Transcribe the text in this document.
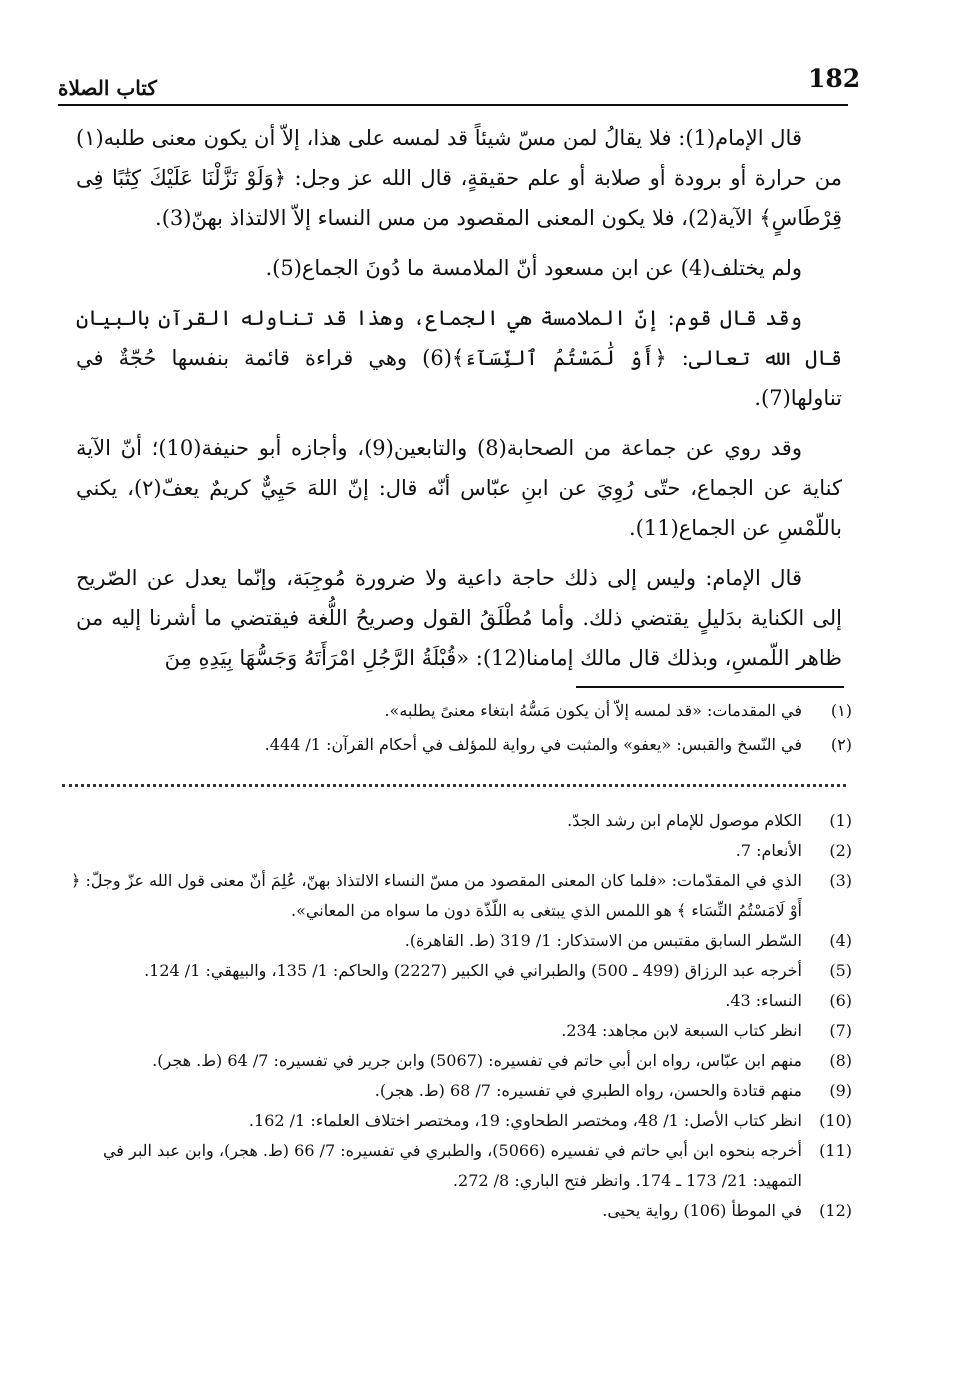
182
كتاب الصلاة

قال الإمام(1): فلا يقالُ لمن مسّ شيئاً قد لمسه على هذا، إلاّ أن يكون معنى طلبه(١) من حرارة أو برودة أو صلابة أو علم حقيقةٍ، قال الله عز وجل: ﴿وَلَوْ نَزَّلْنَا عَلَيْكَ كِتَٰبًا فِى قِرْطَاسٍ﴾ الآية(2)، فلا يكون المعنى المقصود من مس النساء إلاّ الالتذاذ بهنّ(3).

ولم يختلف(4) عن ابن مسعود أنّ الملامسة ما دُونَ الجماع(5).

وقد قال قوم: إنّ الملامسة هي الجماع، وهذا قد تناوله القرآن بالبيان قال الله تعالى: ﴿أَوْ لَٰمَسْتُمُ ٱلنِّسَآءَ﴾(6) وهي قراءة قائمة بنفسها حُجّةٌ في تناولها(7).

وقد روي عن جماعة من الصحابة(8) والتابعين(9)، وأجازه أبو حنيفة(10)؛ أنّ الآية كناية عن الجماع، حتّى رُوِيَ عن ابنِ عبّاس أنّه قال: إنّ اللهَ حَيِيٌّ كريمٌ يعفّ(٢)، يكني باللّمْسِ عن الجماع(11).

قال الإمام: وليس إلى ذلك حاجة داعية ولا ضرورة مُوجِبَة، وإنّما يعدل عن الصّريح إلى الكناية بدَليلٍ يقتضي ذلك. وأما مُطْلَقُ القول وصريحُ اللُّغة فيقتضي ما أشرنا إليه من ظاهر اللّمسِ، وبذلك قال مالك إمامنا(12): «قُبْلَةُ الرَّجُلِ امْرَأَتَهُ وَجَسُّهَا بِيَدِهِ مِنَ

(١)
في المقدمات: «قد لمسه إلاّ أن يكون مَسُّهُ ابتغاء معنىً يطلبه».
(٢)
في النّسخ والقبس: «يعفو» والمثبت في رواية للمؤلف في أحكام القرآن: 1/ 444.
(1)
الكلام موصول للإمام ابن رشد الجدّ.
(2)
الأنعام: 7.
(3)
الذي في المقدّمات: «فلما كان المعنى المقصود من مسّ النساء الالتذاذ بهنّ، عُلِمَ أنّ معنى قول الله عزّ وجلّ: ﴿ أَوْ لَامَسْتُمُ النِّسَاء ﴾ هو اللمس الذي يبتغى به اللّذّة دون ما سواه من المعاني».
(4)
السّطر السابق مقتبس من الاستذكار: 1/ 319 (ط. القاهرة).
(5)
أخرجه عبد الرزاق (499 ـ 500) والطبراني في الكبير (2227) والحاكم: 1/ 135، والبيهقي: 1/ 124.
(6)
النساء: 43.
(7)
انظر كتاب السبعة لابن مجاهد: 234.
(8)
منهم ابن عبّاس، رواه ابن أبي حاتم في تفسيره: (5067) وابن جرير في تفسيره: 7/ 64 (ط. هجر).
(9)
منهم قتادة والحسن، رواه الطبري في تفسيره: 7/ 68 (ط. هجر).
(10)
انظر كتاب الأصل: 1/ 48، ومختصر الطحاوي: 19، ومختصر اختلاف العلماء: 1/ 162.
(11)
أخرجه بنحوه ابن أبي حاتم في تفسيره (5066)، والطبري في تفسيره: 7/ 66 (ط. هجر)، وابن عبد البر في التمهيد: 21/ 173 ـ 174. وانظر فتح الباري: 8/ 272.
(12)
في الموطأ (106) رواية يحيى.
